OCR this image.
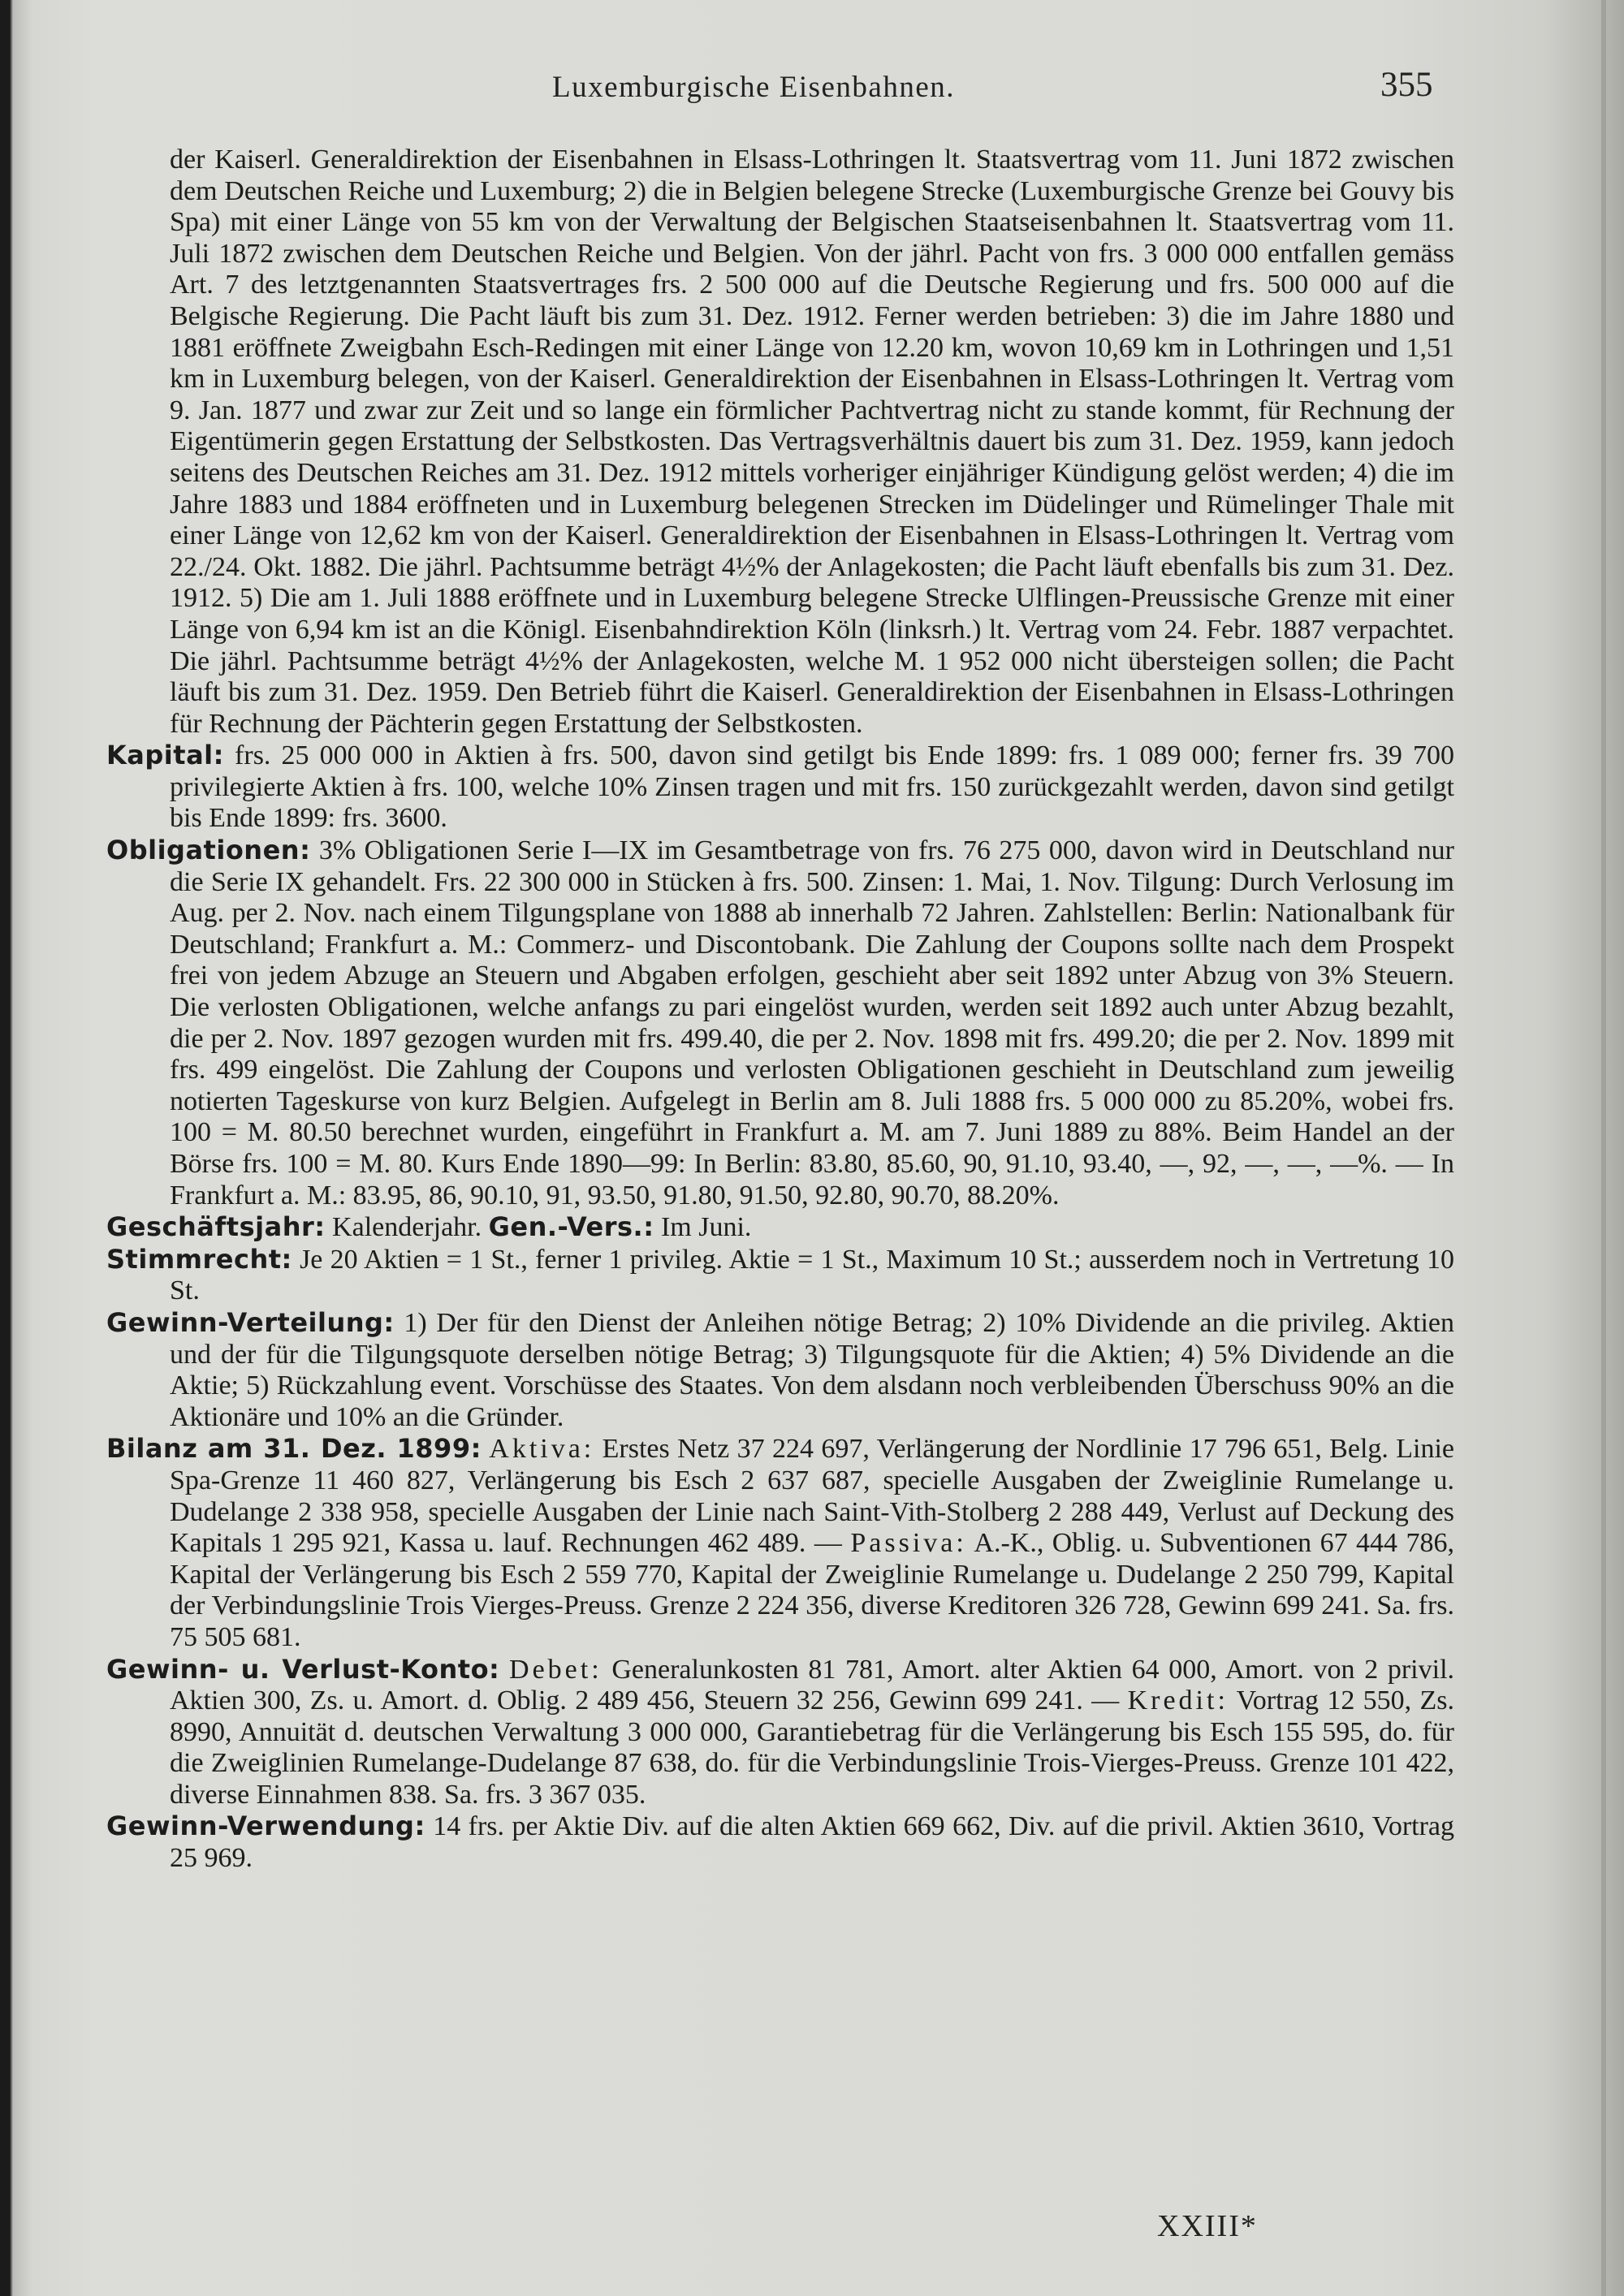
Luxemburgische Eisenbahnen.	355

der Kaiserl. Generaldirektion der Eisenbahnen in Elsass-Lothringen lt. Staatsvertrag vom 11. Juni 1872 zwischen dem Deutschen Reiche und Luxemburg; 2) die in Belgien belegene Strecke (Luxemburgische Grenze bei Gouvy bis Spa) mit einer Länge von 55 km von der Verwaltung der Belgischen Staatseisenbahnen lt. Staatsvertrag vom 11. Juli 1872 zwischen dem Deutschen Reiche und Belgien. Von der jährl. Pacht von frs. 3 000 000 entfallen gemäss Art. 7 des letztgenannten Staatsvertrages frs. 2 500 000 auf die Deutsche Regierung und frs. 500 000 auf die Belgische Regierung. Die Pacht läuft bis zum 31. Dez. 1912. Ferner werden betrieben: 3) die im Jahre 1880 und 1881 eröffnete Zweigbahn Esch-Redingen mit einer Länge von 12.20 km, wovon 10,69 km in Lothringen und 1,51 km in Luxemburg belegen, von der Kaiserl. Generaldirektion der Eisenbahnen in Elsass-Lothringen lt. Vertrag vom 9. Jan. 1877 und zwar zur Zeit und so lange ein förmlicher Pachtvertrag nicht zu stande kommt, für Rechnung der Eigentümerin gegen Erstattung der Selbstkosten. Das Vertragsverhältnis dauert bis zum 31. Dez. 1959, kann jedoch seitens des Deutschen Reiches am 31. Dez. 1912 mittels vorheriger einjähriger Kündigung gelöst werden; 4) die im Jahre 1883 und 1884 eröffneten und in Luxemburg belegenen Strecken im Düdelinger und Rümelinger Thale mit einer Länge von 12,62 km von der Kaiserl. Generaldirektion der Eisenbahnen in Elsass-Lothringen lt. Vertrag vom 22./24. Okt. 1882. Die jährl. Pachtsumme beträgt 4½% der Anlagekosten; die Pacht läuft ebenfalls bis zum 31. Dez. 1912. 5) Die am 1. Juli 1888 eröffnete und in Luxemburg belegene Strecke Ulflingen-Preussische Grenze mit einer Länge von 6,94 km ist an die Königl. Eisenbahndirektion Köln (linksrh.) lt. Vertrag vom 24. Febr. 1887 verpachtet. Die jährl. Pachtsumme beträgt 4½% der Anlagekosten, welche M. 1 952 000 nicht übersteigen sollen; die Pacht läuft bis zum 31. Dez. 1959. Den Betrieb führt die Kaiserl. Generaldirektion der Eisenbahnen in Elsass-Lothringen für Rechnung der Pächterin gegen Erstattung der Selbstkosten.

Kapital: frs. 25 000 000 in Aktien à frs. 500, davon sind getilgt bis Ende 1899: frs. 1 089 000; ferner frs. 39 700 privilegierte Aktien à frs. 100, welche 10% Zinsen tragen und mit frs. 150 zurückgezahlt werden, davon sind getilgt bis Ende 1899: frs. 3600.

Obligationen: 3% Obligationen Serie I—IX im Gesamtbetrage von frs. 76 275 000, davon wird in Deutschland nur die Serie IX gehandelt. Frs. 22 300 000 in Stücken à frs. 500. Zinsen: 1. Mai, 1. Nov. Tilgung: Durch Verlosung im Aug. per 2. Nov. nach einem Tilgungsplane von 1888 ab innerhalb 72 Jahren. Zahlstellen: Berlin: Nationalbank für Deutschland; Frankfurt a. M.: Commerz- und Discontobank. Die Zahlung der Coupons sollte nach dem Prospekt frei von jedem Abzuge an Steuern und Abgaben erfolgen, geschieht aber seit 1892 unter Abzug von 3% Steuern. Die verlosten Obligationen, welche anfangs zu pari eingelöst wurden, werden seit 1892 auch unter Abzug bezahlt, die per 2. Nov. 1897 gezogen wurden mit frs. 499.40, die per 2. Nov. 1898 mit frs. 499.20; die per 2. Nov. 1899 mit frs. 499 eingelöst. Die Zahlung der Coupons und verlosten Obligationen geschieht in Deutschland zum jeweilig notierten Tageskurse von kurz Belgien. Aufgelegt in Berlin am 8. Juli 1888 frs. 5 000 000 zu 85.20%, wobei frs. 100 = M. 80.50 berechnet wurden, eingeführt in Frankfurt a. M. am 7. Juni 1889 zu 88%. Beim Handel an der Börse frs. 100 = M. 80. Kurs Ende 1890—99: In Berlin: 83.80, 85.60, 90, 91.10, 93.40, —, 92, —, —, —%. — In Frankfurt a. M.: 83.95, 86, 90.10, 91, 93.50, 91.80, 91.50, 92.80, 90.70, 88.20%.

Geschäftsjahr: Kalenderjahr. Gen.-Vers.: Im Juni.

Stimmrecht: Je 20 Aktien = 1 St., ferner 1 privileg. Aktie = 1 St., Maximum 10 St.; ausserdem noch in Vertretung 10 St.

Gewinn-Verteilung: 1) Der für den Dienst der Anleihen nötige Betrag; 2) 10% Dividende an die privileg. Aktien und der für die Tilgungsquote derselben nötige Betrag; 3) Tilgungsquote für die Aktien; 4) 5% Dividende an die Aktie; 5) Rückzahlung event. Vorschüsse des Staates. Von dem alsdann noch verbleibenden Überschuss 90% an die Aktionäre und 10% an die Gründer.

Bilanz am 31. Dez. 1899: Aktiva: Erstes Netz 37 224 697, Verlängerung der Nordlinie 17 796 651, Belg. Linie Spa-Grenze 11 460 827, Verlängerung bis Esch 2 637 687, specielle Ausgaben der Zweiglinie Rumelange u. Dudelange 2 338 958, specielle Ausgaben der Linie nach Saint-Vith-Stolberg 2 288 449, Verlust auf Deckung des Kapitals 1 295 921, Kassa u. lauf. Rechnungen 462 489. — Passiva: A.-K., Oblig. u. Subventionen 67 444 786, Kapital der Verlängerung bis Esch 2 559 770, Kapital der Zweiglinie Rumelange u. Dudelange 2 250 799, Kapital der Verbindungslinie Trois Vierges-Preuss. Grenze 2 224 356, diverse Kreditoren 326 728, Gewinn 699 241. Sa. frs. 75 505 681.

Gewinn- u. Verlust-Konto: Debet: Generalunkosten 81 781, Amort. alter Aktien 64 000, Amort. von 2 privil. Aktien 300, Zs. u. Amort. d. Oblig. 2 489 456, Steuern 32 256, Gewinn 699 241. — Kredit: Vortrag 12 550, Zs. 8990, Annuität d. deutschen Verwaltung 3 000 000, Garantiebetrag für die Verlängerung bis Esch 155 595, do. für die Zweiglinien Rumelange-Dudelange 87 638, do. für die Verbindungslinie Trois-Vierges-Preuss. Grenze 101 422, diverse Einnahmen 838. Sa. frs. 3 367 035.

Gewinn-Verwendung: 14 frs. per Aktie Div. auf die alten Aktien 669 662, Div. auf die privil. Aktien 3610, Vortrag 25 969.

XXIII*
